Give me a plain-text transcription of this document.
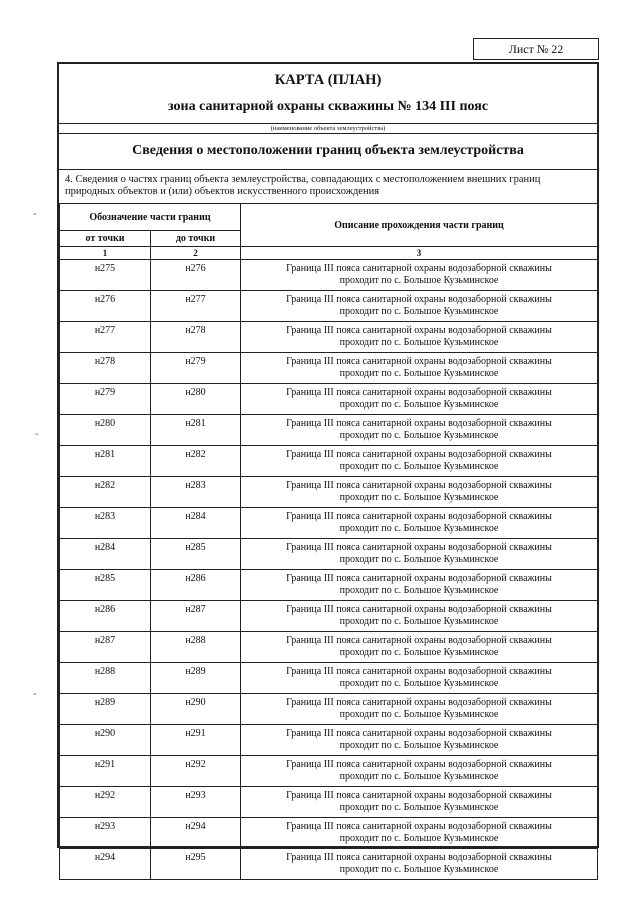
Лист № 22
КАРТА (ПЛАН)
зона санитарной охраны скважины № 134 III пояс
(наименование объекта землеустройства)
Сведения о местоположении границ объекта землеустройства
4. Сведения о частях границ объекта землеустройства, совпадающих с местоположением внешних границ природных объектов и (или) объектов искусственного происхождения
Обозначение части границ		Описание прохождения части границ
от точки	до точки	
1	2	3
н275	н276	Граница III пояса санитарной охраны водозаборной скважины
проходит по с. Большое Кузьминское

н276	н277	Граница III пояса санитарной охраны водозаборной скважины
проходит по с. Большое Кузьминское

н277	н278	Граница III пояса санитарной охраны водозаборной скважины
проходит по с. Большое Кузьминское

н278	н279	Граница III пояса санитарной охраны водозаборной скважины
проходит по с. Большое Кузьминское

н279	н280	Граница III пояса санитарной охраны водозаборной скважины
проходит по с. Большое Кузьминское

н280	н281	Граница III пояса санитарной охраны водозаборной скважины
проходит по с. Большое Кузьминское

н281	н282	Граница III пояса санитарной охраны водозаборной скважины
проходит по с. Большое Кузьминское

н282	н283	Граница III пояса санитарной охраны водозаборной скважины
проходит по с. Большое Кузьминское

н283	н284	Граница III пояса санитарной охраны водозаборной скважины
проходит по с. Большое Кузьминское

н284	н285	Граница III пояса санитарной охраны водозаборной скважины
проходит по с. Большое Кузьминское

н285	н286	Граница III пояса санитарной охраны водозаборной скважины
проходит по с. Большое Кузьминское

н286	н287	Граница III пояса санитарной охраны водозаборной скважины
проходит по с. Большое Кузьминское

н287	н288	Граница III пояса санитарной охраны водозаборной скважины
проходит по с. Большое Кузьминское

н288	н289	Граница III пояса санитарной охраны водозаборной скважины
проходит по с. Большое Кузьминское

н289	н290	Граница III пояса санитарной охраны водозаборной скважины
проходит по с. Большое Кузьминское

н290	н291	Граница III пояса санитарной охраны водозаборной скважины
проходит по с. Большое Кузьминское

н291	н292	Граница III пояса санитарной охраны водозаборной скважины
проходит по с. Большое Кузьминское

н292	н293	Граница III пояса санитарной охраны водозаборной скважины
проходит по с. Большое Кузьминское

н293	н294	Граница III пояса санитарной охраны водозаборной скважины
проходит по с. Большое Кузьминское

н294	н295	Граница III пояса санитарной охраны водозаборной скважины
проходит по с. Большое Кузьминское
ˆ
ˆ
ˆ
